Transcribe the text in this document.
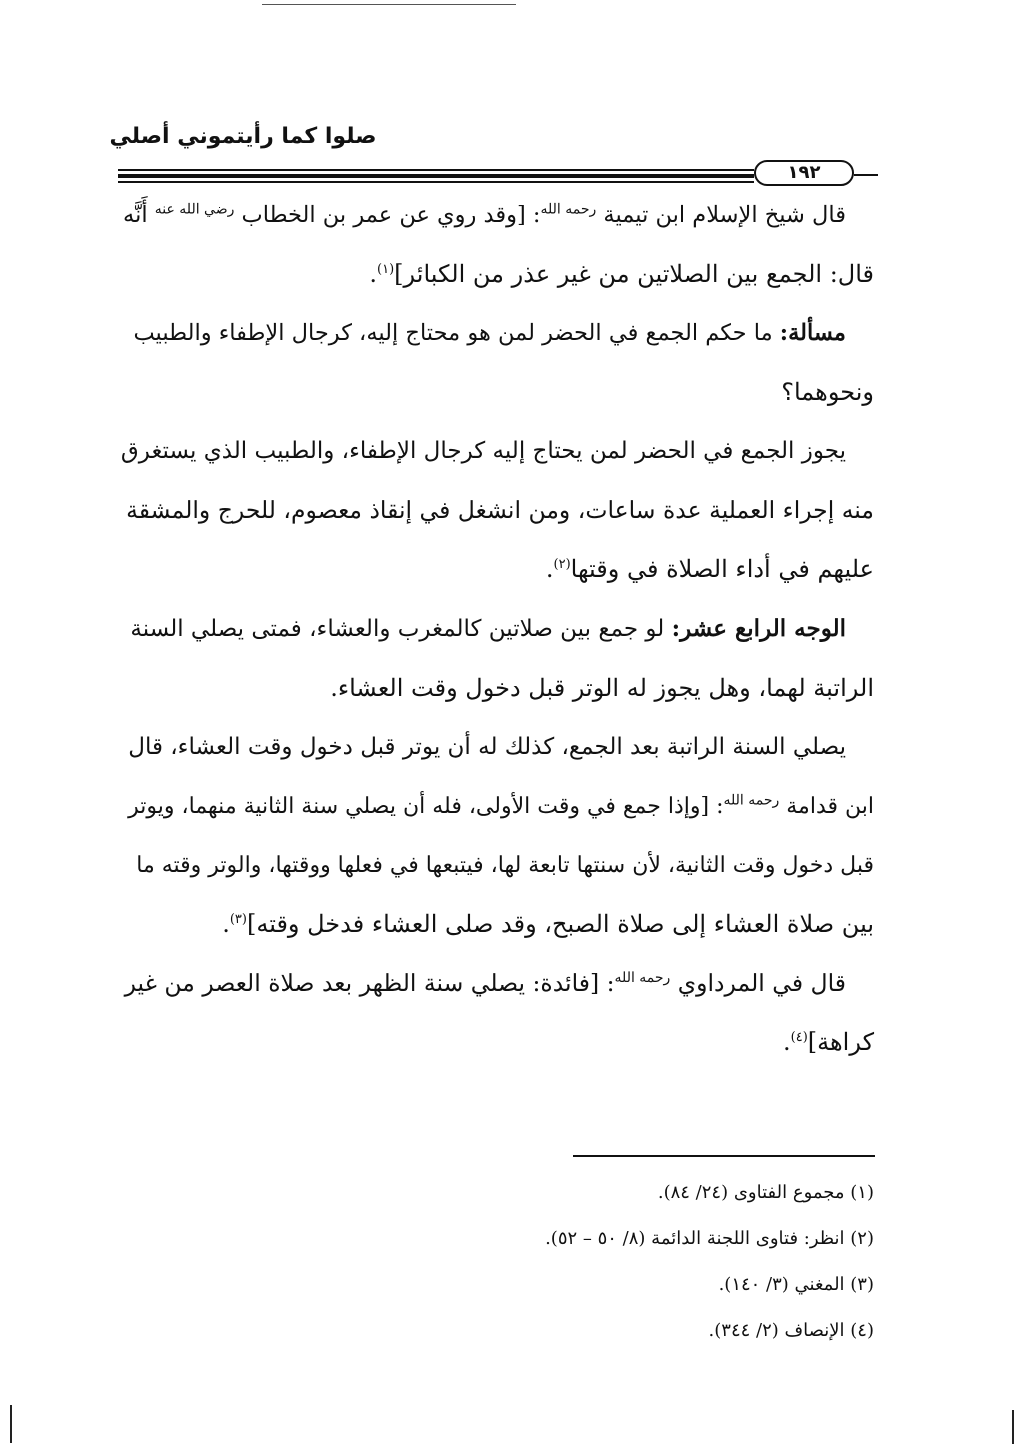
صلوا كما رأيتموني أصلي
١٩٢

قال شيخ الإسلام ابن تيمية $^{رحمه الله}$: [وقد روي عن عمر بن الخطاب $^{رضي الله عنه}$ أَنَّه

قال: الجمع بين الصلاتين من غير عذر من الكبائر]$^{(١)}$.

مسألة: ما حكم الجمع في الحضر لمن هو محتاج إليه، كرجال الإطفاء والطبيب

ونحوهما؟

يجوز الجمع في الحضر لمن يحتاج إليه كرجال الإطفاء، والطبيب الذي يستغرق

منه إجراء العملية عدة ساعات، ومن انشغل في إنقاذ معصوم، للحرج والمشقة

عليهم في أداء الصلاة في وقتها$^{(٢)}$.

الوجه الرابع عشر: لو جمع بين صلاتين كالمغرب والعشاء، فمتى يصلي السنة

الراتبة لهما، وهل يجوز له الوتر قبل دخول وقت العشاء.

يصلي السنة الراتبة بعد الجمع، كذلك له أن يوتر قبل دخول وقت العشاء، قال

ابن قدامة $^{رحمه الله}$: [وإذا جمع في وقت الأولى، فله أن يصلي سنة الثانية منهما، ويوتر

قبل دخول وقت الثانية، لأن سنتها تابعة لها، فيتبعها في فعلها ووقتها، والوتر وقته ما

بين صلاة العشاء إلى صلاة الصبح، وقد صلى العشاء فدخل وقته]$^{(٣)}$.

قال في المرداوي $^{رحمه الله}$: [فائدة: يصلي سنة الظهر بعد صلاة العصر من غير

كراهة]$^{(٤)}$.

(١) مجموع الفتاوى (٢٤/ ٨٤).

(٢) انظر: فتاوى اللجنة الدائمة (٨/ ٥٠ – ٥٢).

(٣) المغني (٣/ ١٤٠).

(٤) الإنصاف (٢/ ٣٤٤).
